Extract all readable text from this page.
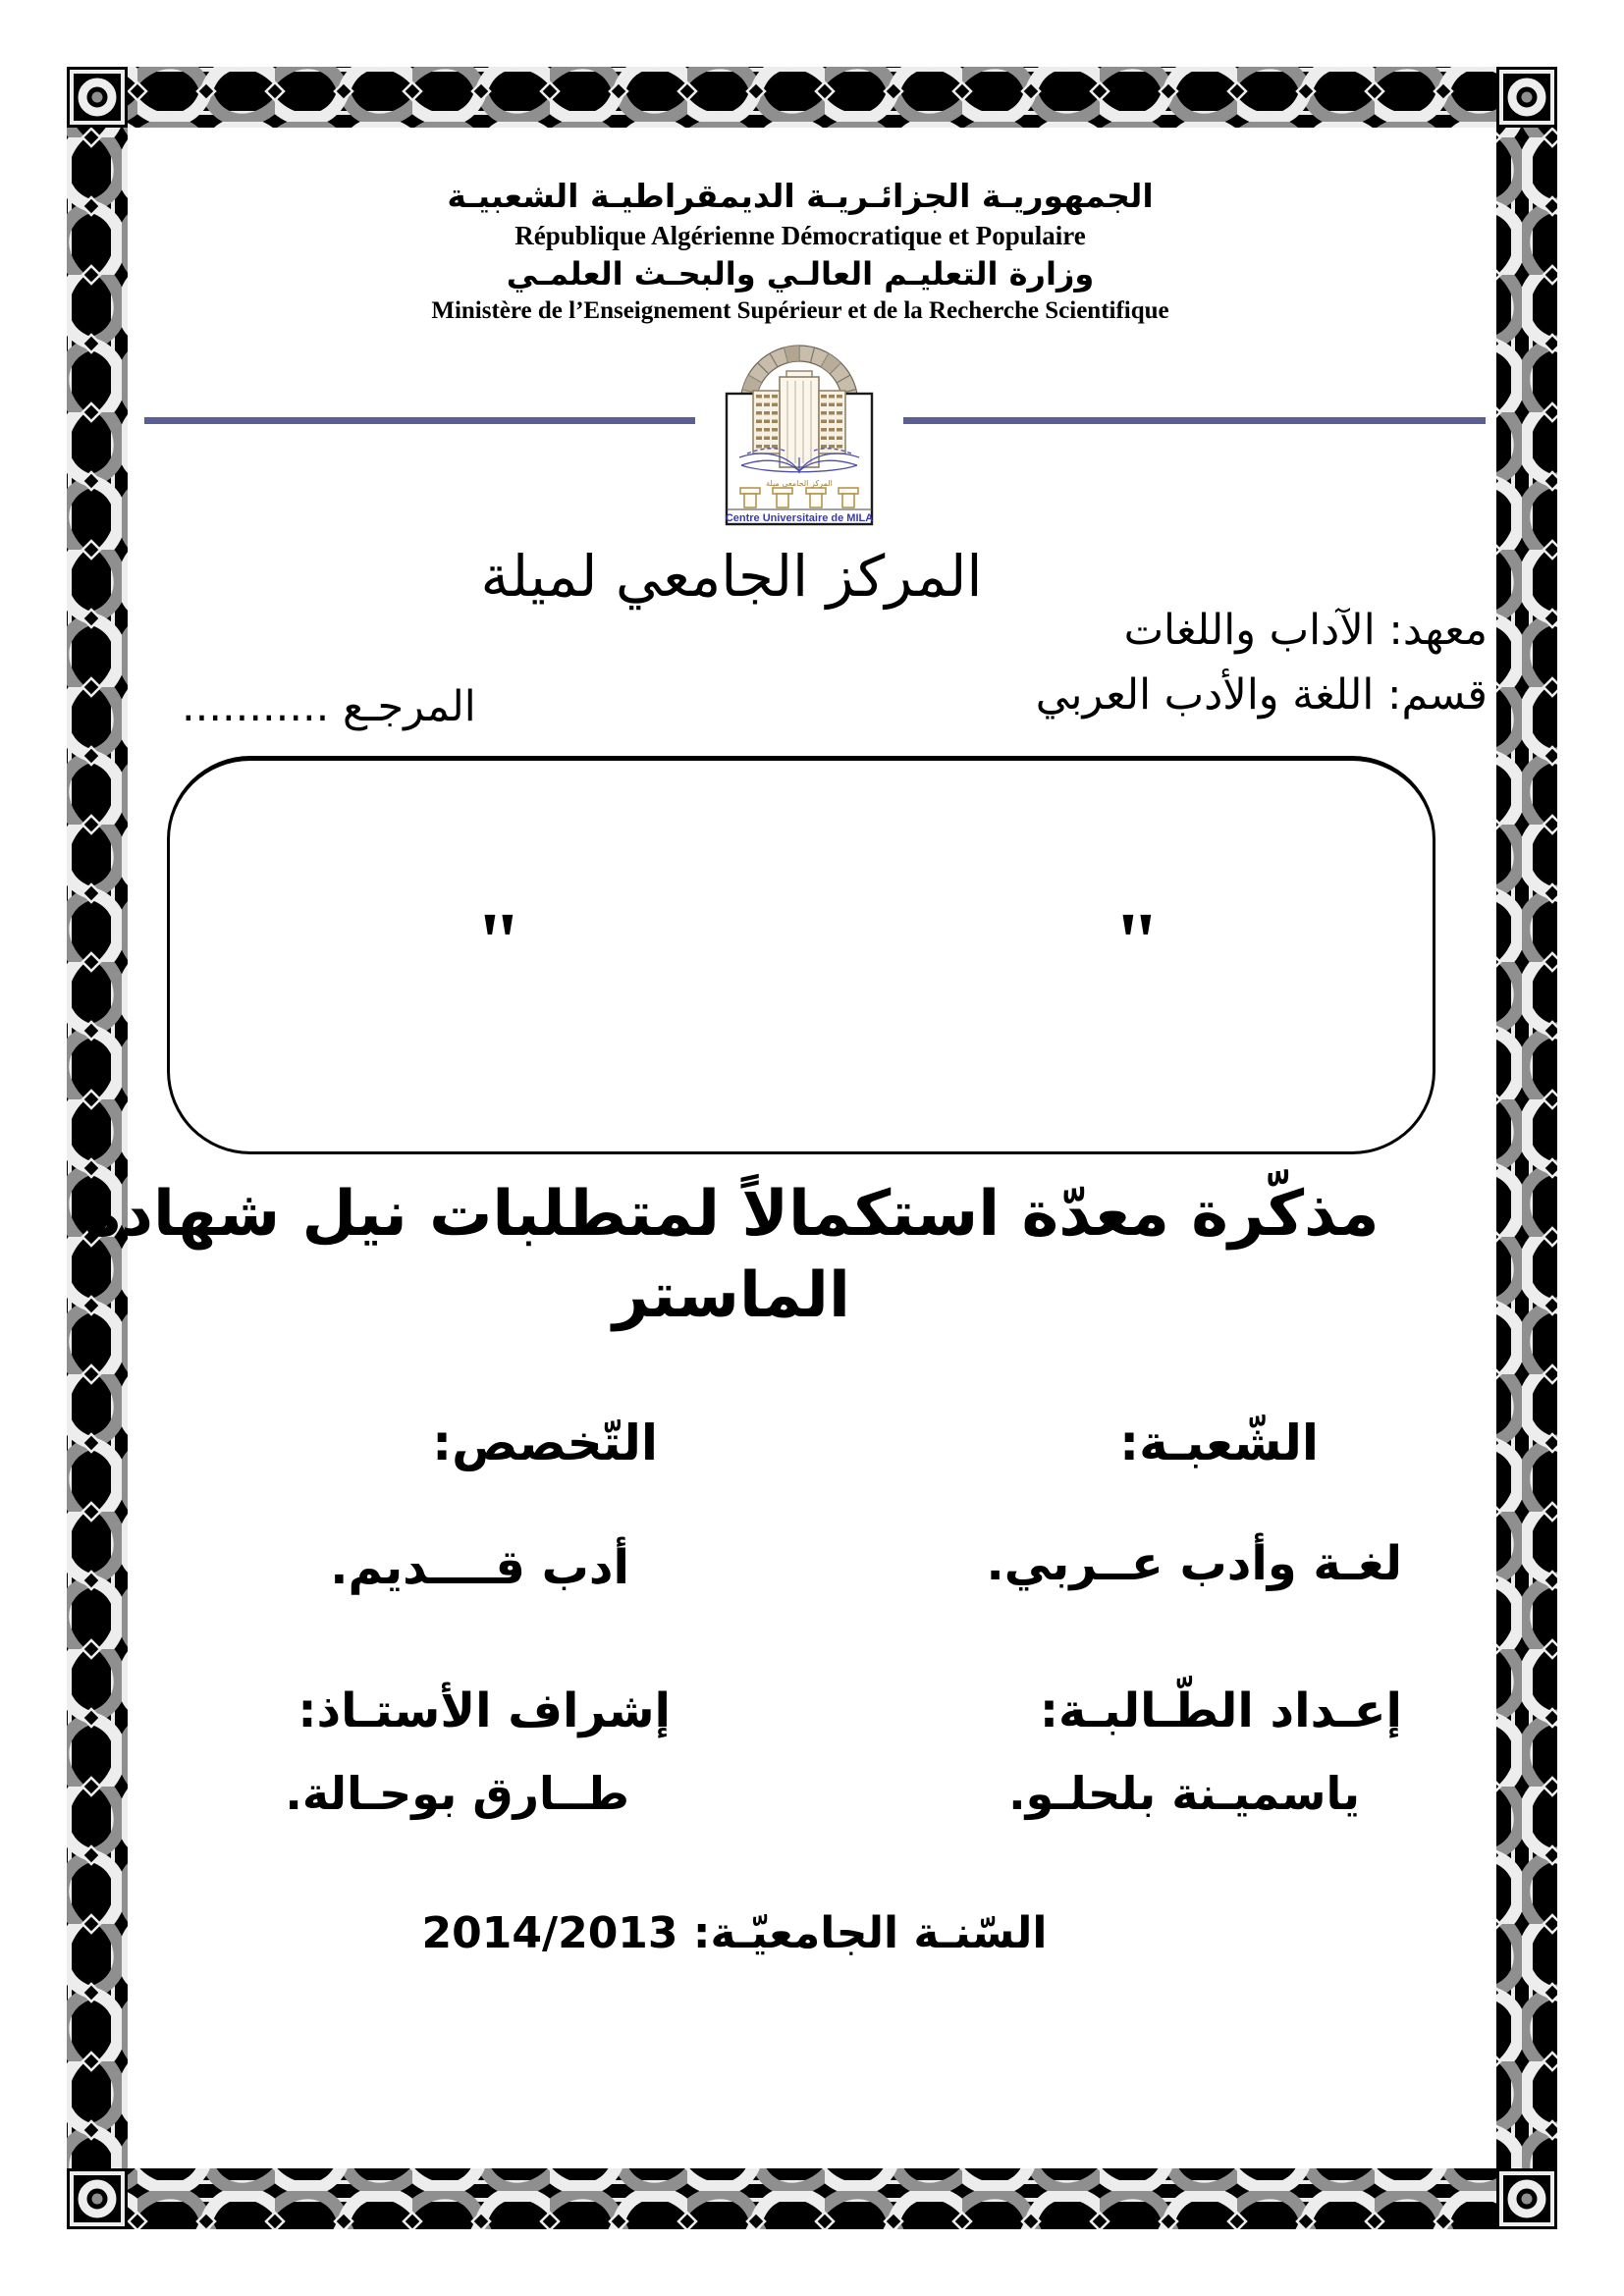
الجمهوريـة الجزائـريـة الديمقراطيـة الشعبيـة
République Algérienne Démocratique et Populaire
وزارة التعليـم العالـي والبحـث العلمـي
Ministère de l’Enseignement Supérieur et de la Recherche Scientifique
المركز الجامعي ميلة
Centre Universitaire de MILA
المركز الجامعي لميلة
معهد: الآداب واللغات
قسم: اللغة والأدب العربي
المرجـع ...........
"	"
مذكّرة معدّة استكمالاً لمتطلبات نيل شهادة الماستر
الشّعبـة:
التّخصص:
لغـة وأدب عــربي.
أدب قــــديم.
إعـداد الطّـالبـة:
إشراف الأستـاذ:
ياسميـنة بلحلـو.
طــارق بوحـالة.
السّنـة الجامعيّـة: 2014/2013
